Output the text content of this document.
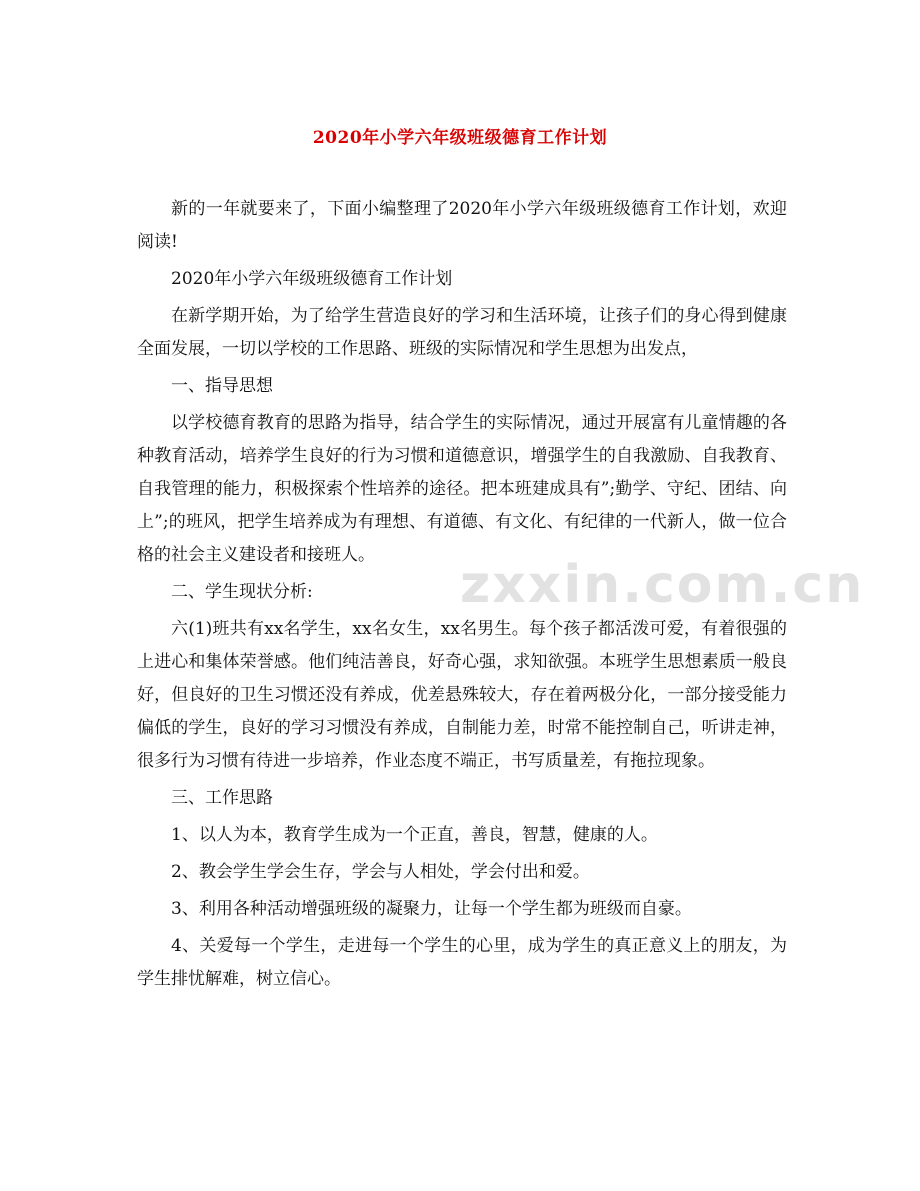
2020年小学六年级班级德育工作计划
zxxin.com.cn

新的一年就要来了，下面小编整理了2020年小学六年级班级德育工作计划，欢迎阅读!

2020年小学六年级班级德育工作计划

在新学期开始，为了给学生营造良好的学习和生活环境，让孩子们的身心得到健康全面发展，一切以学校的工作思路、班级的实际情况和学生思想为出发点，

一、指导思想

以学校德育教育的思路为指导，结合学生的实际情况，通过开展富有儿童情趣的各种教育活动，培养学生良好的行为习惯和道德意识，增强学生的自我激励、自我教育、自我管理的能力，积极探索个性培养的途径。把本班建成具有”;勤学、守纪、团结、向上”;的班风，把学生培养成为有理想、有道德、有文化、有纪律的一代新人，做一位合格的社会主义建设者和接班人。

二、学生现状分析:

六(1)班共有xx名学生，xx名女生，xx名男生。每个孩子都活泼可爱，有着很强的上进心和集体荣誉感。他们纯洁善良，好奇心强，求知欲强。本班学生思想素质一般良好，但良好的卫生习惯还没有养成，优差悬殊较大，存在着两极分化，一部分接受能力偏低的学生，良好的学习习惯没有养成，自制能力差，时常不能控制自己，听讲走神，很多行为习惯有待进一步培养，作业态度不端正，书写质量差，有拖拉现象。

三、工作思路

1、以人为本，教育学生成为一个正直，善良，智慧，健康的人。

2、教会学生学会生存，学会与人相处，学会付出和爱。

3、利用各种活动增强班级的凝聚力，让每一个学生都为班级而自豪。

4、关爱每一个学生，走进每一个学生的心里，成为学生的真正意义上的朋友，为学生排忧解难，树立信心。
